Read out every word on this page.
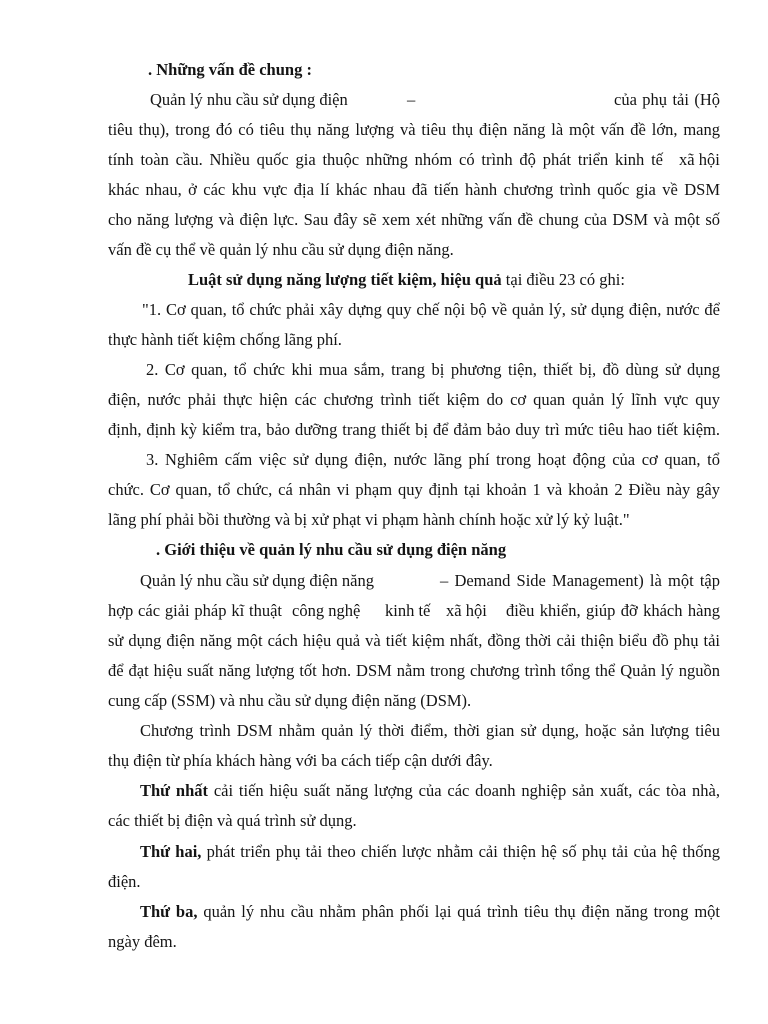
. Những vấn đề chung :
Quản lý nhu cầu sử dụng điện	–	của phụ tải (Hộ
tiêu thụ), trong đó có tiêu thụ năng lượng và tiêu thụ điện năng là một vấn đề lớn, mang
tính toàn cầu. Nhiều quốc gia thuộc những nhóm có trình độ phát triển kinh tế xã hội
khác nhau, ở các khu vực địa lí khác nhau đã tiến hành chương trình quốc gia về DSM
cho năng lượng và điện lực. Sau đây sẽ xem xét những vấn đề chung của DSM và một số
vấn đề cụ thể về quản lý nhu cầu sử dụng điện năng.
Luật sử dụng năng lượng tiết kiệm, hiệu quả tại điều 23 có ghi:
"1. Cơ quan, tổ chức phải xây dựng quy chế nội bộ về quản lý, sử dụng điện, nước để
thực hành tiết kiệm chống lãng phí.
2. Cơ quan, tổ chức khi mua sắm, trang bị phương tiện, thiết bị, đồ dùng sử dụng
điện, nước phải thực hiện các chương trình tiết kiệm do cơ quan quản lý lĩnh vực quy
định, định kỳ kiểm tra, bảo dưỡng trang thiết bị để đảm bảo duy trì mức tiêu hao tiết kiệm.
3. Nghiêm cấm việc sử dụng điện, nước lãng phí trong hoạt động của cơ quan, tổ
chức. Cơ quan, tổ chức, cá nhân vi phạm quy định tại khoản 1 và khoản 2 Điều này gây
lãng phí phải bồi thường và bị xử phạt vi phạm hành chính hoặc xử lý kỷ luật."
. Giới thiệu về quản lý nhu cầu sử dụng điện năng
Quản lý nhu cầu sử dụng điện năng	– Demand Side Management) là một tập
hợp các giải pháp kĩ thuật công nghệ kinh tế xã hội điều khiển, giúp đỡ khách hàng
sử dụng điện năng một cách hiệu quả và tiết kiệm nhất, đồng thời cải thiện biểu đồ phụ tải
để đạt hiệu suất năng lượng tốt hơn. DSM nằm trong chương trình tổng thể Quản lý nguồn
cung cấp (SSM) và nhu cầu sử dụng điện năng (DSM).
Chương trình DSM nhằm quản lý thời điểm, thời gian sử dụng, hoặc sản lượng tiêu
thụ điện từ phía khách hàng với ba cách tiếp cận dưới đây.
Thứ nhất cải tiến hiệu suất năng lượng của các doanh nghiệp sản xuất, các tòa nhà,
các thiết bị điện và quá trình sử dụng.
Thứ hai, phát triển phụ tải theo chiến lược nhằm cải thiện hệ số phụ tải của hệ thống
điện.
Thứ ba, quản lý nhu cầu nhằm phân phối lại quá trình tiêu thụ điện năng trong một
ngày đêm.
